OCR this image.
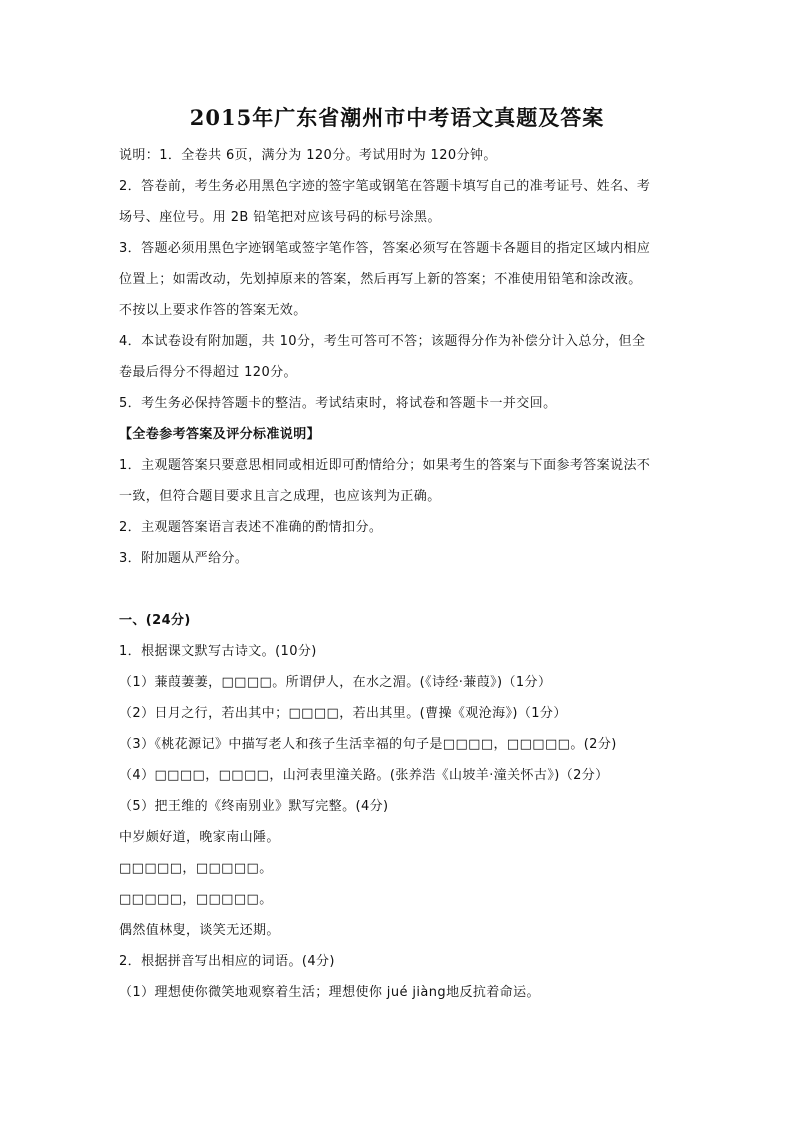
2015年广东省潮州市中考语文真题及答案
说明：1．全卷共 6页，满分为 120分。考试用时为 120分钟。
2．答卷前，考生务必用黑色字迹的签字笔或钢笔在答题卡填写自己的准考证号、姓名、考
场号、座位号。用 2B 铅笔把对应该号码的标号涂黑。
3．答题必须用黑色字迹钢笔或签字笔作答，答案必须写在答题卡各题目的指定区域内相应
位置上；如需改动，先划掉原来的答案，然后再写上新的答案；不准使用铅笔和涂改液。
不按以上要求作答的答案无效。
4．本试卷设有附加题，共 10分，考生可答可不答；该题得分作为补偿分计入总分，但全
卷最后得分不得超过 120分。
5．考生务必保持答题卡的整洁。考试结束时，将试卷和答题卡一并交回。
【全卷参考答案及评分标准说明】
1．主观题答案只要意思相同或相近即可酌情给分；如果考生的答案与下面参考答案说法不
一致，但符合题目要求且言之成理，也应该判为正确。
2．主观题答案语言表述不准确的酌情扣分。
3．附加题从严给分。
一、(24分)
1．根据课文默写古诗文。(10分)
（1）蒹葭萋萋，□□□□。所谓伊人，在水之湄。(《诗经·蒹葭》)（1分）
（2）日月之行，若出其中；□□□□，若出其里。(曹操《观沧海》)（1分）
（3）《桃花源记》中描写老人和孩子生活幸福的句子是□□□□，□□□□□。(2分)
（4）□□□□，□□□□，山河表里潼关路。(张养浩《山坡羊·潼关怀古》)（2分）
（5）把王维的《终南别业》默写完整。(4分)
中岁颇好道，晚家南山陲。
□□□□□，□□□□□。
□□□□□，□□□□□。
偶然值林叟，谈笑无还期。
2．根据拼音写出相应的词语。(4分)
（1）理想使你微笑地观察着生活；理想使你 jué jiàng地反抗着命运。
